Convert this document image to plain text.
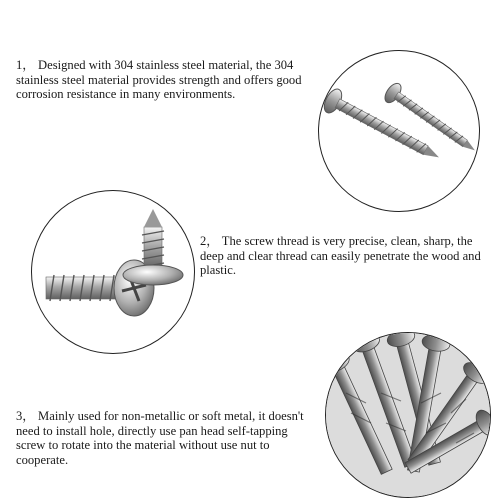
1， Designed with 304 stainless steel material, the 304 stainless steel material provides strength and offers good corrosion resistance in many environments.

2， The screw thread is very precise, clean, sharp, the deep and clear thread can easily penetrate the wood and plastic.

3， Mainly used for non-metallic or soft metal, it doesn't need to install hole, directly use pan head self-tapping screw to rotate into the material without use nut to cooperate.
